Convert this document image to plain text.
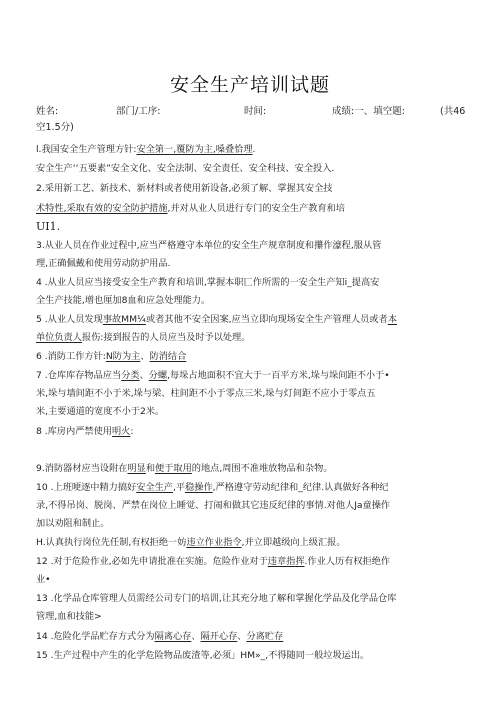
安全生产培训试题
姓名:	部门/工序:	时间:	成绩:一、填空题:	(共46
空1.5分)
l.我国安全生产管理方针:安全第一,覆防为主,嗓叠恰理.
安全生产‘‘五要素”安全文化、安全法制、安全责任、安全科技、安全投入.
2.采用新工艺、新技术、新材料或者使用新设备,必须了解、掌握其安全技
术特性,采取有效的安全防护措施,并对从业人员进行专门的安全生产教育和培
UI1.
3.从业人员在作业过程中,应当严格遵守本单位的安全生产规章制度和攥作濠程,服从管
理,正确佩戴和使用劳动防护用品.
4 .从业人员应当接受安全生产教育和培训,掌握本职匚作所需的一安全生产知i_提高安
全生产技能,增也厘加8血和应急处理能力。
5 .从业人员发现事故MM¼或者其他不安全因案,应当立即向现场安全生产管理人员或者本
单位负责人报伤:接到报告的人员应当及时予以处理。
6 .消防工作方针:N防为主、防消结合
7 .仓库库存物品应当分类、分螺,每垛占地面积不宜大于一百平方米,垛与垛间距不小于•
米,垛与墙间距不小于米,垛与梁、柱间距不小于零点三米,垛与灯间距不应小于零点五
米,主要通道的宽度不小于2米。
8 .库房内严禁使用明火:
9.消防器材应当设附在明显和便于取用的地点,周围不准堆放物品和杂物。
10 .上班哽逐中精力搞好安全生产,平稳操作,严格遵守劳动纪律和_纪律.认真做好各种纪
录,不得吊岗、脱岗、严禁在岗位上睡觉、打闹和做其它违反纪律的事情.对他人Ja童操作
加以劝阻和制止。
H.认真执行岗位先任制,有权拒绝一妨违立作业指令,并立即越级向上级汇报。
12 .对于危险作业,必如先申请批准在实施。危险作业对于违章指挥.作业人历有权拒绝作
业•
13 .化学品仓库管理人员需经公司专门的培训,让其充分地了解和掌握化学品及化学品仓库
管理,血和技能>
14 .危险化学品贮存方式分为隔离心存、隔开心存、分离贮存
15 .生产过程中产生的化学危险物品废渣等,必须」HM»_,不得随同一般垃圾运出。
